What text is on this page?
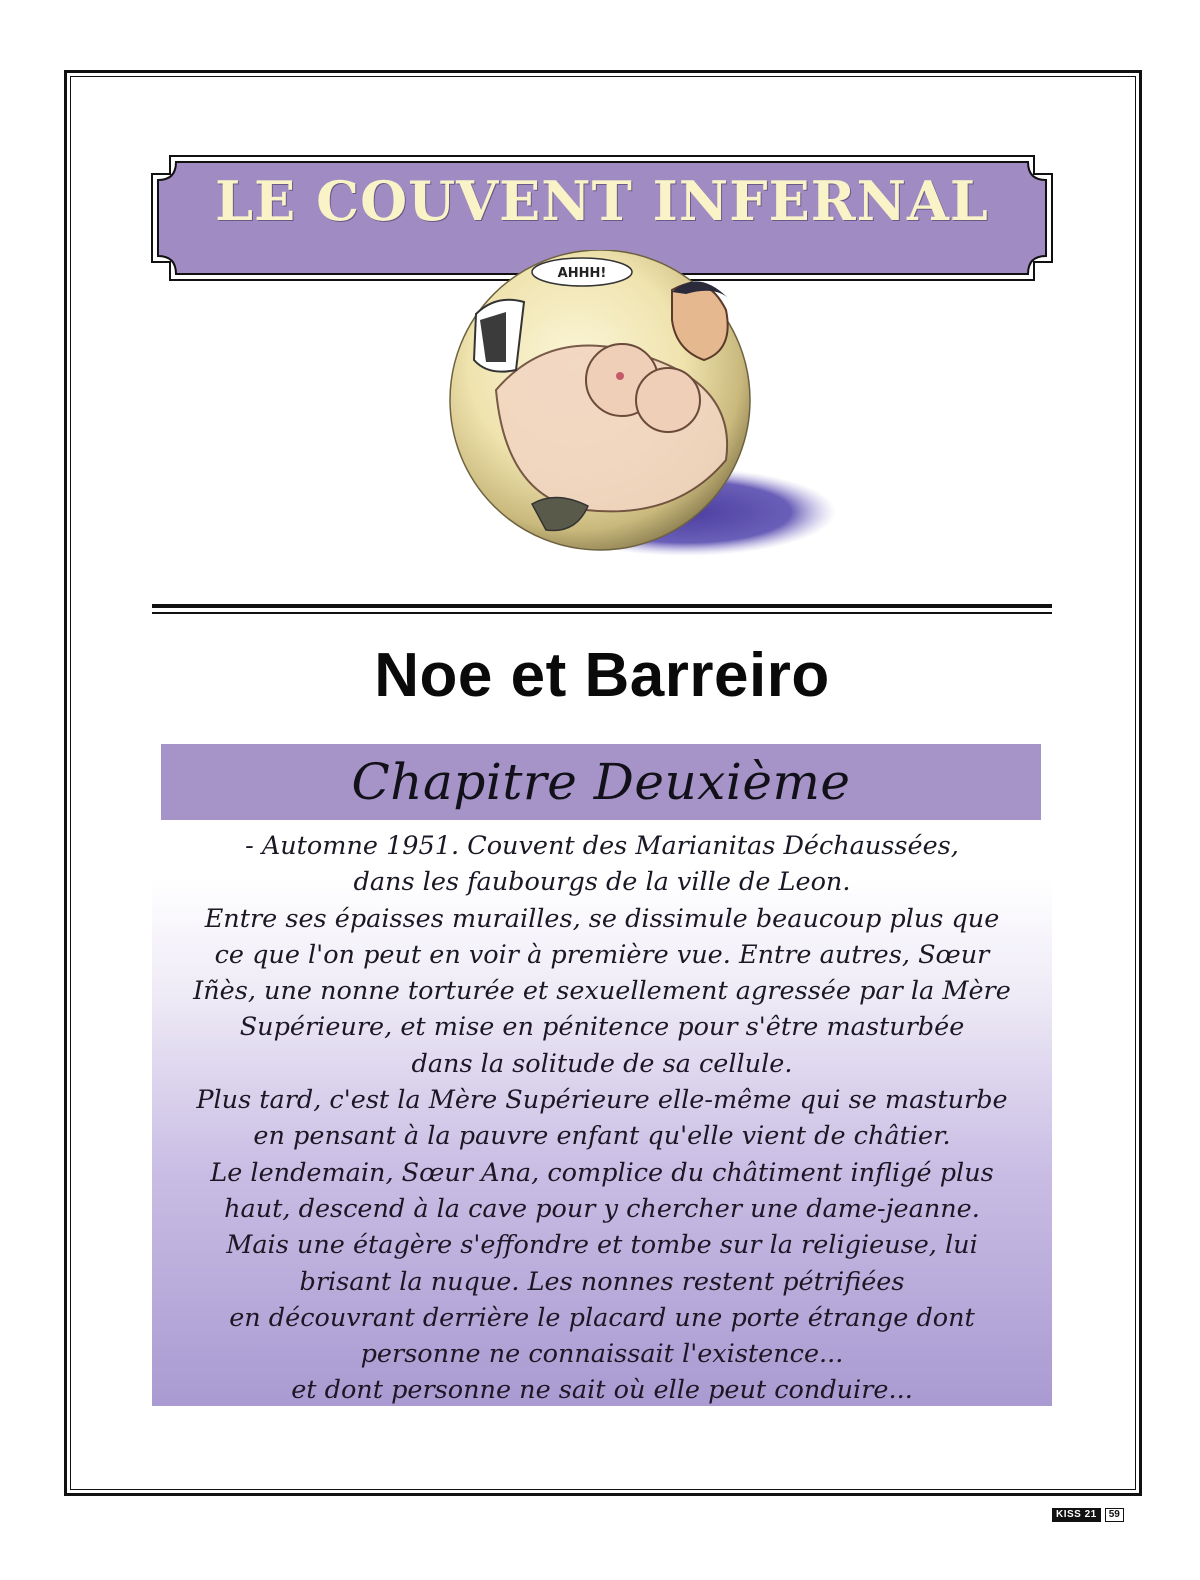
LE COUVENT INFERNAL
AHHH!
Noe et Barreiro
Chapitre Deuxième
- Automne 1951. Couvent des Marianitas Déchaussées,
dans les faubourgs de la ville de Leon.
Entre ses épaisses murailles, se dissimule beaucoup plus que
ce que l'on peut en voir à première vue. Entre autres, Sœur
Iñès, une nonne torturée et sexuellement agressée par la Mère
Supérieure, et mise en pénitence pour s'être masturbée
dans la solitude de sa cellule.
Plus tard, c'est la Mère Supérieure elle-même qui se masturbe
en pensant à la pauvre enfant qu'elle vient de châtier.
Le lendemain, Sœur Ana, complice du châtiment infligé plus
haut, descend à la cave pour y chercher une dame-jeanne.
Mais une étagère s'effondre et tombe sur la religieuse, lui
brisant la nuque. Les nonnes restent pétrifiées
en découvrant derrière le placard une porte étrange dont
personne ne connaissait l'existence...
et dont personne ne sait où elle peut conduire...
KISS 21	59
